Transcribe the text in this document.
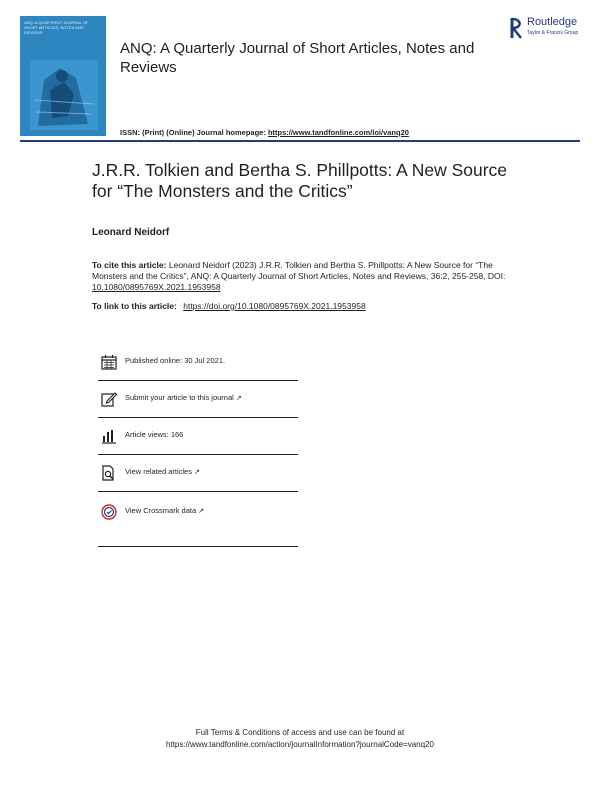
ANQ: A QUARTERLY JOURNAL OF SHORT ARTICLES, NOTES AND REVIEWS
ANQ: A Quarterly Journal of Short Articles, Notes and Reviews
Routledge
Taylor & Francis Group
ISSN: (Print) (Online) Journal homepage: https://www.tandfonline.com/loi/vanq20
J.R.R. Tolkien and Bertha S. Phillpotts: A New Source for “The Monsters and the Critics”
Leonard Neidorf
To cite this article: Leonard Neidorf (2023) J.R.R. Tolkien and Bertha S. Phillpotts: A New Source for “The Monsters and the Critics”, ANQ: A Quarterly Journal of Short Articles, Notes and Reviews, 36:2, 255-258, DOI: 10.1080/0895769X.2021.1953958
To link to this article: https://doi.org/10.1080/0895769X.2021.1953958
Published online: 30 Jul 2021.
Submit your article to this journal ↗
Article views: 166
View related articles ↗
View Crossmark data ↗
Full Terms & Conditions of access and use can be found at
https://www.tandfonline.com/action/journalInformation?journalCode=vanq20
